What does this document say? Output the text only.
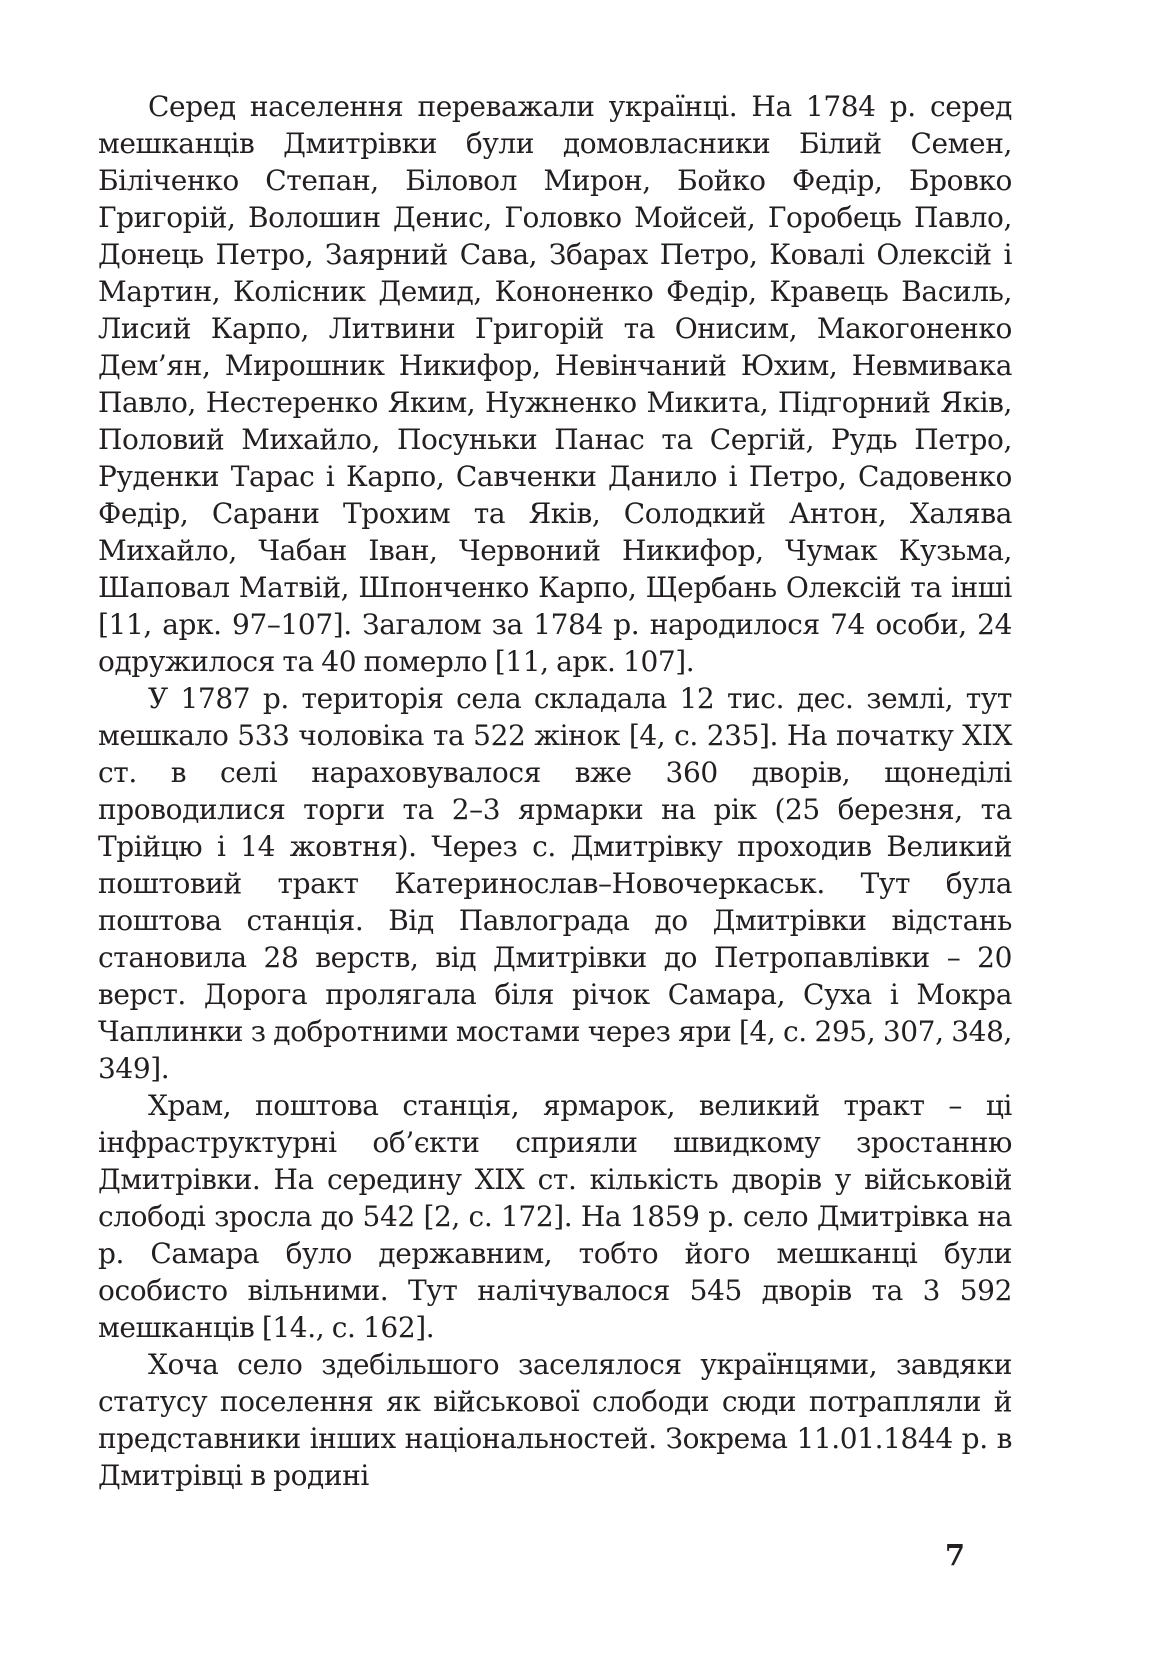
Серед населення переважали українці. На 1784 р. серед мешканців Дмитрівки були домовласники Білий Семен, Біліченко Степан, Біловол Мирон, Бойко Федір, Бровко Григорій, Волошин Денис, Головко Мойсей, Горобець Павло, Донець Петро, Заярний Сава, Збарах Петро, Ковалі Олексій і Мартин, Колісник Демид, Кононенко Федір, Кравець Василь, Лисий Карпо, Литвини Григорій та Онисим, Макогоненко Дем’ян, Мирошник Никифор, Невінчаний Юхим, Невмивака Павло, Нестеренко Яким, Нужненко Микита, Підгорний Яків, Половий Михайло, Посуньки Панас та Сергій, Рудь Петро, Руденки Тарас і Карпо, Савченки Данило і Петро, Садовенко Федір, Сарани Трохим та Яків, Солодкий Антон, Халява Михайло, Чабан Іван, Червоний Никифор, Чумак Кузьма, Шаповал Матвій, Шпонченко Карпо, Щербань Олексій та інші [11, арк. 97–107]. Загалом за 1784 р. народилося 74 особи, 24 одружилося та 40 померло [11, арк. 107].

У 1787 р. територія села складала 12 тис. дес. землі, тут мешкало 533 чоловіка та 522 жінок [4, с. 235]. На початку ХІХ ст. в селі нараховувалося вже 360 дворів, щонеділі проводилися торги та 2–3 ярмарки на рік (25 березня, та Трійцю і 14 жовтня). Через с. Дмитрівку проходив Великий поштовий тракт Катеринослав–Новочеркаськ. Тут була поштова станція. Від Павлограда до Дмитрівки відстань становила 28 верств, від Дмитрівки до Петропавлівки – 20 верст. Дорога пролягала біля річок Самара, Суха і Мокра Чаплинки з добротними мостами через яри [4, с. 295, 307, 348, 349].

Храм, поштова станція, ярмарок, великий тракт – ці інфраструктурні об’єкти сприяли швидкому зростанню Дмитрівки. На середину ХІХ ст. кількість дворів у військовій слободі зросла до 542 [2, с. 172]. На 1859 р. село Дмитрівка на р. Самара було державним, тобто його мешканці були особисто вільними. Тут налічувалося 545 дворів та 3 592 мешканців [14., с. 162].

Хоча село здебільшого заселялося українцями, завдяки статусу поселення як військової слободи сюди потрапляли й представники інших національностей. Зокрема 11.01.1844 р. в Дмитрівці в родині

7
